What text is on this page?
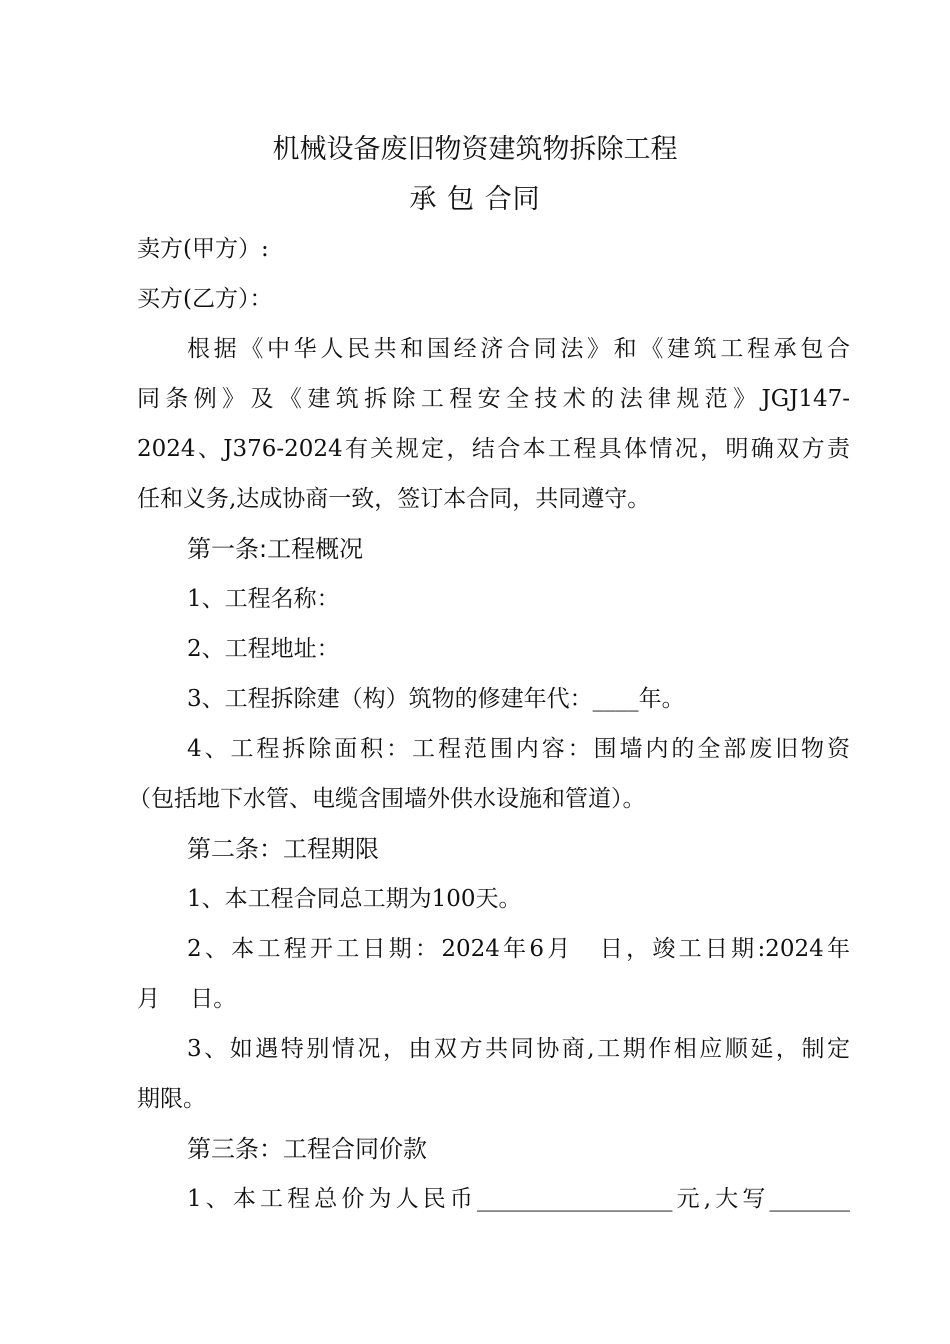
机械设备废旧物资建筑物拆除工程
承 包 合同
卖方(甲方）:
买方(乙方）：
根据《中华人民共和国经济合同法》和《建筑工程承包合
同条例》及《建筑拆除工程安全技术的法律规范》JGJ147-
2024、J376-2024有关规定，结合本工程具体情况，明确双方责
任和义务,达成协商一致，签订本合同，共同遵守。
第一条:工程概况
1、工程名称：
2、工程地址：
3、工程拆除建（构）筑物的修建年代：____年。
4、工程拆除面积：工程范围内容：围墙内的全部废旧物资
（包括地下水管、电缆含围墙外供水设施和管道）。
第二条：工程期限
1、本工程合同总工期为100天。
2、本工程开工日期：2024年6月　日，竣工日期:2024年
月　 日。
3、如遇特别情况，由双方共同协商,工期作相应顺延，制定
期限。
第三条：工程合同价款
1、本工程总价为人民币_________________元,大写_______
